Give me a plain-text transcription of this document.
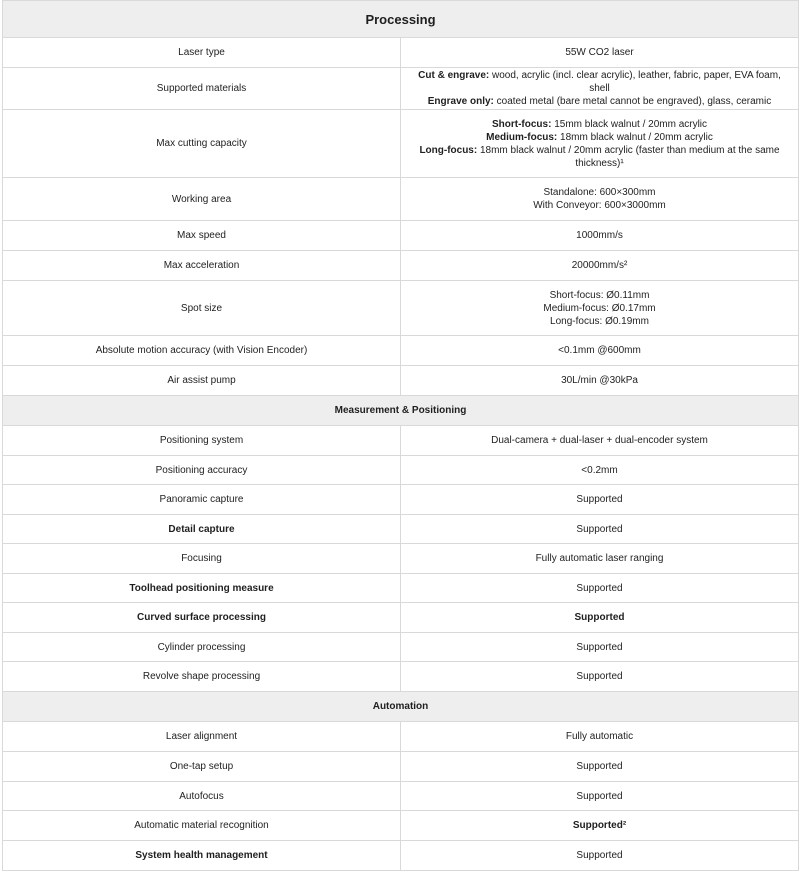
Processing	
Laser type	55W CO2 laser
Supported materials	Cut & engrave: wood, acrylic (incl. clear acrylic), leather, fabric, paper, EVA foam, shell
Engrave only: coated metal (bare metal cannot be engraved), glass, ceramic

Max cutting capacity	Short-focus: 15mm black walnut / 20mm acrylic
Medium-focus: 18mm black walnut / 20mm acrylic
Long-focus: 18mm black walnut / 20mm acrylic (faster than medium at the same thickness)¹

Working area	Standalone: 600×300mm
With Conveyor: 600×3000mm

Max speed	1000mm/s
Max acceleration	20000mm/s²
Spot size	Short-focus: Ø0.11mm
Medium-focus: Ø0.17mm
Long-focus: Ø0.19mm

Absolute motion accuracy (with Vision Encoder)	<0.1mm @600mm
Air assist pump	30L/min @30kPa
Measurement & Positioning	
Positioning system	Dual-camera + dual-laser + dual-encoder system
Positioning accuracy	<0.2mm
Panoramic capture	Supported
Detail capture	Supported
Focusing	Fully automatic laser ranging
Toolhead positioning measure	Supported
Curved surface processing	Supported
Cylinder processing	Supported
Revolve shape processing	Supported
Automation	
Laser alignment	Fully automatic
One-tap setup	Supported
Autofocus	Supported
Automatic material recognition	Supported²
System health management	Supported
